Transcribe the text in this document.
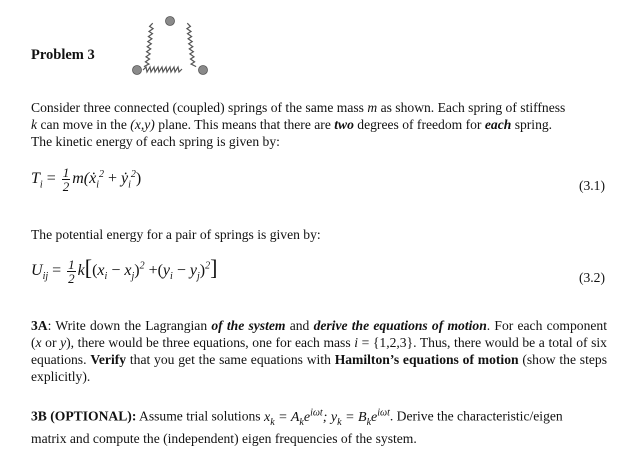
Problem 3
Consider three connected (coupled) springs of the same mass m as shown. Each spring of stiffness
k can move in the (x,y) plane. This means that there are two degrees of freedom for each spring.
The kinetic energy of each spring is given by:
$T_i = \frac{1}{2}$ m(ẋ$_i^2$ + ẏ$_i^2$)	(3.1)
The potential energy for a pair of springs is given by:
$U_{ij} = \frac{1}{2} k[(x_i - x_j)^2 +(y_i - y_j)^2]$	(3.2)
3A: Write down the Lagrangian of the system and derive the equations of motion. For each component (x or y), there would be three equations, one for each mass i = {1,2,3}. Thus, there would be a total of six equations. Verify that you get the same equations with Hamilton’s equations of motion (show the steps explicitly).
3B (OPTIONAL): Assume trial solutions $x_k = A_ke^{i\omega t}$; $y_k = B_ke^{i\omega t}$. Derive the characteristic/eigen
matrix and compute the (independent) eigen frequencies of the system.
